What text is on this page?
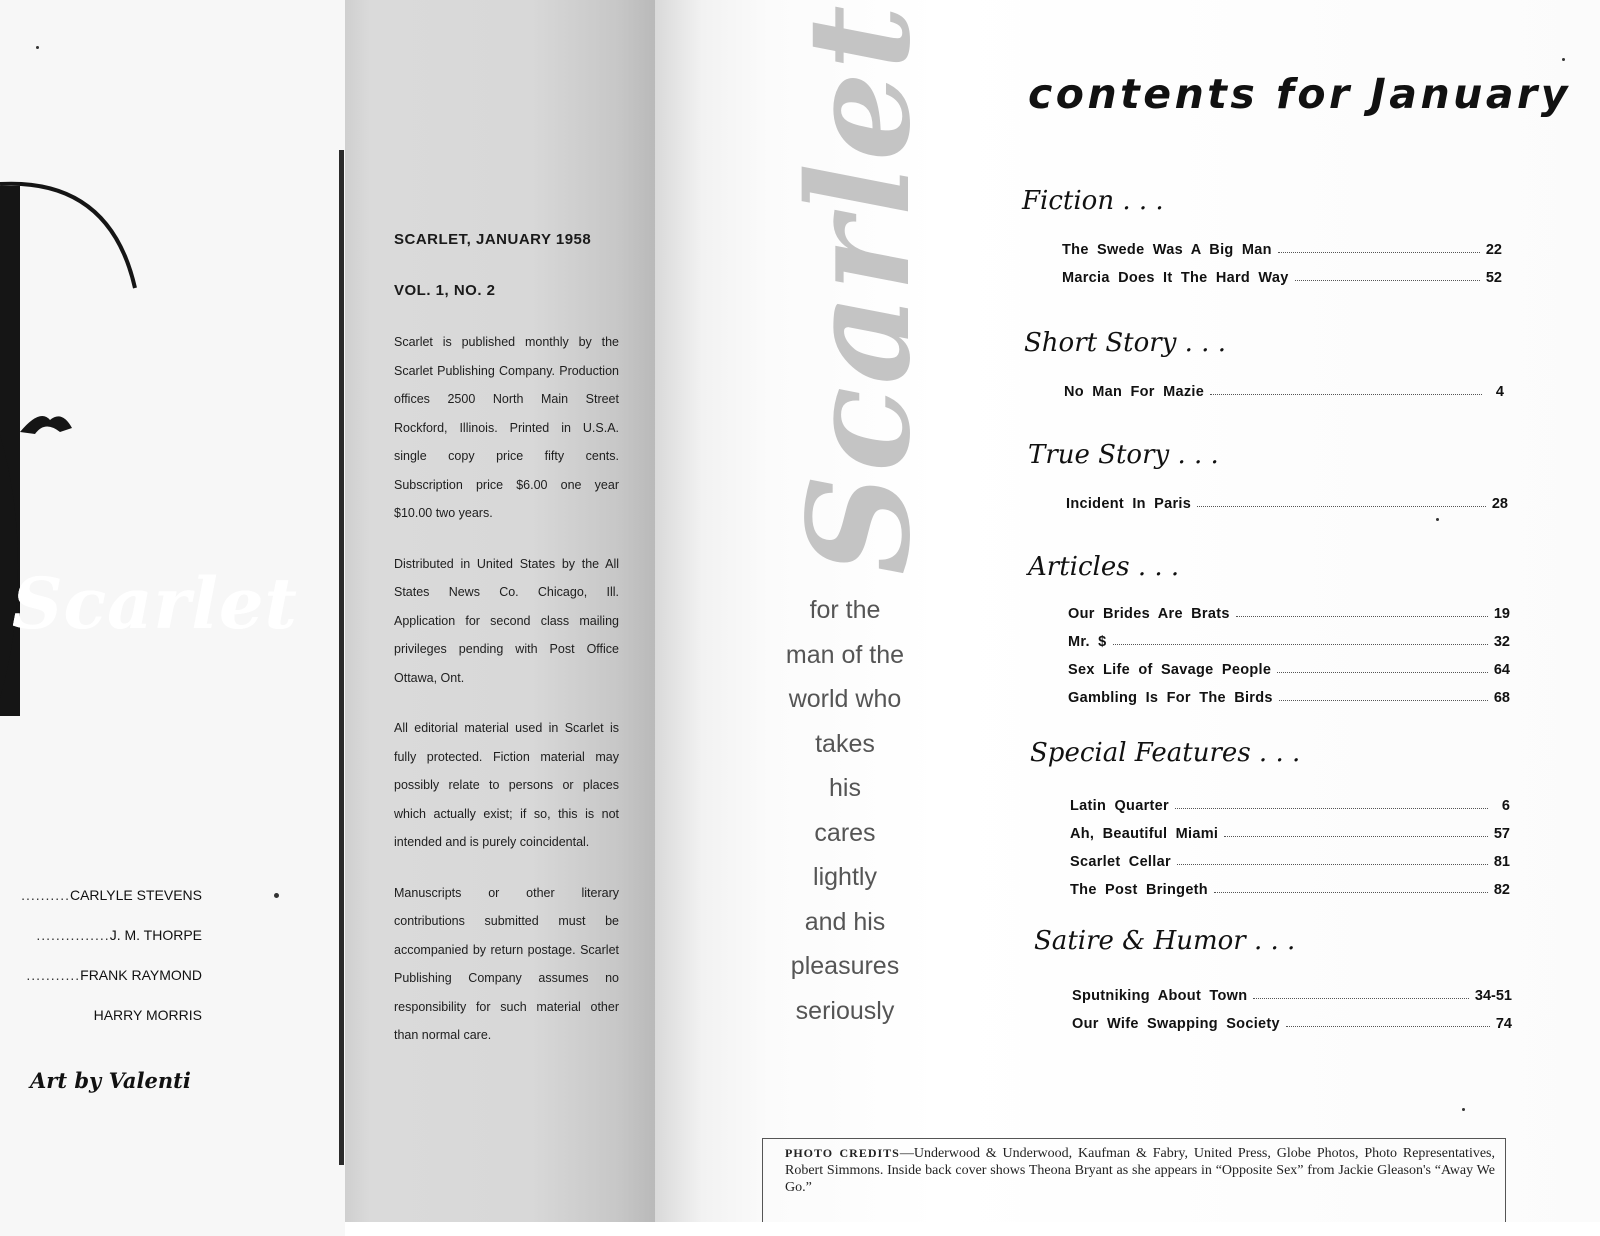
Scarlet
..........CARLYLE STEVENS
...............J. M. THORPE
...........FRANK RAYMOND
HARRY MORRIS
Art by Valenti
SCARLET, JANUARY 1958
VOL. 1, NO. 2

Scarlet is published monthly by the Scarlet Publishing Company. Production offices 2500 North Main Street Rockford, Illinois. Printed in U.S.A. single copy price fifty cents. Subscription price $6.00 one year $10.00 two years.

Distributed in United States by the All States News Co. Chicago, Ill. Application for second class mailing privileges pending with Post Office Ottawa, Ont.

All editorial material used in Scarlet is fully protected. Fiction material may possibly relate to persons or places which actually exist; if so, this is not intended and is purely coincidental.

Manuscripts or other literary contributions submitted must be accompanied by return postage. Scarlet Publishing Company assumes no responsibility for such material other than normal care.

Scarlet
for the
man of the
world who
takes
his
cares
lightly
and his
pleasures
seriously
contents for January
Fiction . . .
The Swede Was A Big Man	22
Marcia Does It The Hard Way	52
Short Story . . .
No Man For Mazie	4
True Story . . .
Incident In Paris	28
Articles . . .
Our Brides Are Brats	19
Mr. $	32
Sex Life of Savage People	64
Gambling Is For The Birds	68
Special Features . . .
Latin Quarter	6
Ah, Beautiful Miami	57
Scarlet Cellar	81
The Post Bringeth	82
Satire & Humor . . .
Sputniking About Town	34-51
Our Wife Swapping Society	74
PHOTO CREDITS—Underwood & Underwood, Kaufman & Fabry, United Press, Globe Photos, Photo Representatives, Robert Simmons. Inside back cover shows Theona Bryant as she appears in “Opposite Sex” from Jackie Gleason's “Away We Go.”
